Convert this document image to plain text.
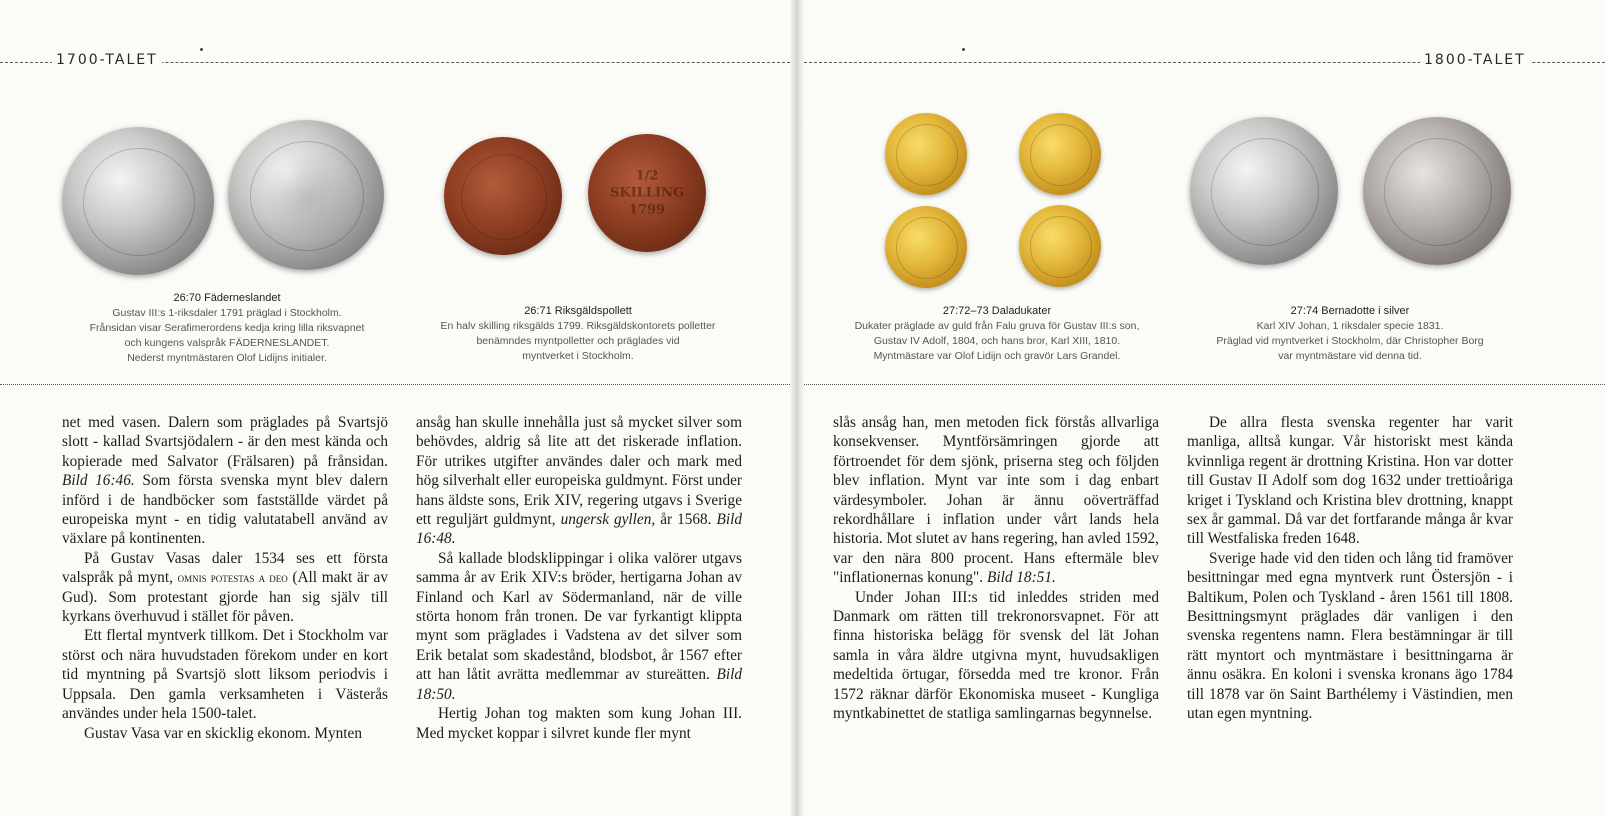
1700-TALET	1800-TALET
1/2
SKILLING
1799
26:70 Fäderneslandet
Gustav III:s 1-riksdaler 1791 präglad i Stockholm.
Frånsidan visar Serafimerordens kedja kring lilla riksvapnet
och kungens valspråk FÄDERNESLANDET.
Nederst myntmästaren Olof Lidijns initialer.
26:71 Riksgäldspollett
En halv skilling riksgälds 1799. Riksgäldskontorets polletter
benämndes myntpolletter och präglades vid
myntverket i Stockholm.
27:72–73 Daladukater
Dukater präglade av guld från Falu gruva för Gustav III:s son,
Gustav IV Adolf, 1804, och hans bror, Karl XIII, 1810.
Myntmästare var Olof Lidijn och gravör Lars Grandel.
27:74 Bernadotte i silver
Karl XIV Johan, 1 riksdaler specie 1831.
Präglad vid myntverket i Stockholm, där Christopher Borg
var myntmästare vid denna tid.

net med vasen. Dalern som präglades på Svartsjö slott - kallad Svartsjödalern - är den mest kända och kopierade med Salvator (Frälsaren) på frånsidan. Bild 16:46. Som första svenska mynt blev dalern införd i de handböcker som fastställde värdet på europeiska mynt - en tidig valutatabell använd av växlare på kontinenten.

På Gustav Vasas daler 1534 ses ett första valspråk på mynt, omnis potestas a deo (All makt är av Gud). Som protestant gjorde han sig själv till kyrkans överhuvud i stället för påven.

Ett flertal myntverk tillkom. Det i Stockholm var störst och nära huvudstaden förekom under en kort tid myntning på Svartsjö slott liksom periodvis i Uppsala. Den gamla verksamheten i Västerås användes under hela 1500-talet.

Gustav Vasa var en skicklig ekonom. Mynten

ansåg han skulle innehålla just så mycket silver som behövdes, aldrig så lite att det riskerade inflation. För utrikes utgifter användes daler och mark med hög silverhalt eller europeiska guldmynt. Först under hans äldste sons, Erik XIV, regering utgavs i Sverige ett reguljärt guldmynt, ungersk gyllen, år 1568. Bild 16:48.

Så kallade blodsklippingar i olika valörer utgavs samma år av Erik XIV:s bröder, hertigarna Johan av Finland och Karl av Södermanland, när de ville störta honom från tronen. De var fyrkantigt klippta mynt som präglades i Vadstena av det silver som Erik betalat som skadestånd, blodsbot, år 1567 efter att han låtit avrätta medlemmar av stureätten. Bild 18:50.

Hertig Johan tog makten som kung Johan III. Med mycket koppar i silvret kunde fler mynt

slås ansåg han, men metoden fick förstås allvarliga konsekvenser. Myntförsämringen gjorde att förtroendet för dem sjönk, priserna steg och följden blev inflation. Mynt var inte som i dag enbart värdesymboler. Johan är ännu oöverträffad rekordhållare i inflation under vårt lands hela historia. Mot slutet av hans regering, han avled 1592, var den nära 800 procent. Hans eftermäle blev "inflationernas konung". Bild 18:51.

Under Johan III:s tid inleddes striden med Danmark om rätten till trekronorsvapnet. För att finna historiska belägg för svensk del lät Johan samla in våra äldre utgivna mynt, huvudsakligen medeltida örtugar, försedda med tre kronor. Från 1572 räknar därför Ekonomiska museet - Kungliga myntkabinettet de statliga samlingarnas begynnelse.

De allra flesta svenska regenter har varit manliga, alltså kungar. Vår historiskt mest kända kvinnliga regent är drottning Kristina. Hon var dotter till Gustav II Adolf som dog 1632 under trettioåriga kriget i Tyskland och Kristina blev drottning, knappt sex år gammal. Då var det fortfarande många år kvar till Westfaliska freden 1648.

Sverige hade vid den tiden och lång tid framöver besittningar med egna myntverk runt Östersjön - i Baltikum, Polen och Tyskland - åren 1561 till 1808. Besittningsmynt präglades där vanligen i den svenska regentens namn. Flera bestämningar är till rätt myntort och myntmästare i besittningarna är ännu osäkra. En koloni i svenska kronans ägo 1784 till 1878 var ön Saint Barthélemy i Västindien, men utan egen myntning.
